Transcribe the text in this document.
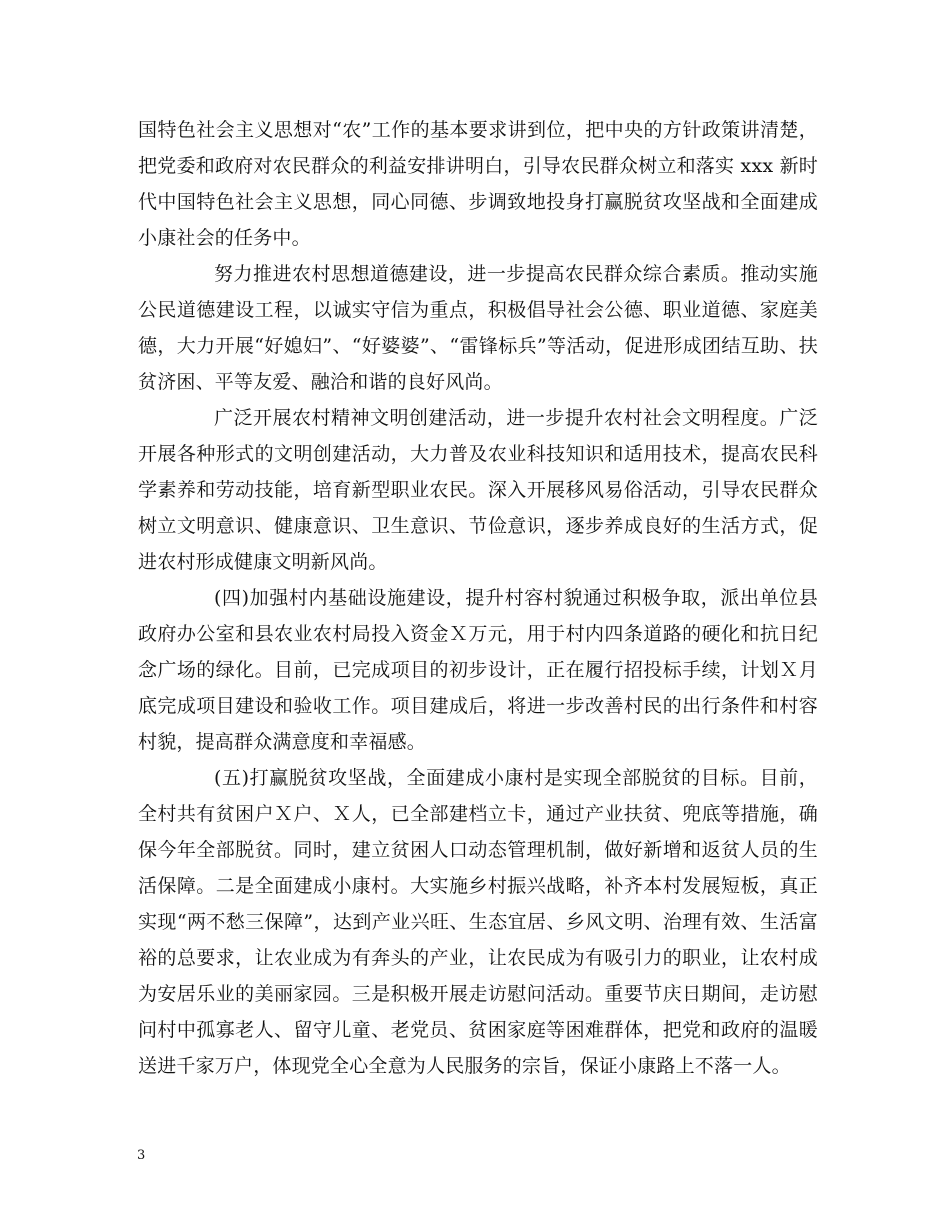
国特色社会主义思想对“农”工作的基本要求讲到位，把中央的方针政策讲清楚，把党委和政府对农民群众的利益安排讲明白，引导农民群众树立和落实 xxx 新时代中国特色社会主义思想，同心同德、步调致地投身打赢脱贫攻坚战和全面建成小康社会的任务中。

努力推进农村思想道德建设，进一步提高农民群众综合素质。推动实施公民道德建设工程，以诚实守信为重点，积极倡导社会公德、职业道德、家庭美德，大力开展“好媳妇”、“好婆婆”、“雷锋标兵”等活动，促进形成团结互助、扶贫济困、平等友爱、融洽和谐的良好风尚。

广泛开展农村精神文明创建活动，进一步提升农村社会文明程度。广泛开展各种形式的文明创建活动，大力普及农业科技知识和适用技术，提高农民科学素养和劳动技能，培育新型职业农民。深入开展移风易俗活动，引导农民群众树立文明意识、健康意识、卫生意识、节俭意识，逐步养成良好的生活方式，促进农村形成健康文明新风尚。

(四)加强村内基础设施建设，提升村容村貌通过积极争取，派出单位县政府办公室和县农业农村局投入资金Ｘ万元，用于村内四条道路的硬化和抗日纪念广场的绿化。目前，已完成项目的初步设计，正在履行招投标手续，计划Ｘ月底完成项目建设和验收工作。项目建成后，将进一步改善村民的出行条件和村容村貌，提高群众满意度和幸福感。

(五)打赢脱贫攻坚战，全面建成小康村是实现全部脱贫的目标。目前，全村共有贫困户Ｘ户、Ｘ人，已全部建档立卡，通过产业扶贫、兜底等措施，确保今年全部脱贫。同时，建立贫困人口动态管理机制，做好新增和返贫人员的生活保障。二是全面建成小康村。大实施乡村振兴战略，补齐本村发展短板，真正实现“两不愁三保障”，达到产业兴旺、生态宜居、乡风文明、治理有效、生活富裕的总要求，让农业成为有奔头的产业，让农民成为有吸引力的职业，让农村成为安居乐业的美丽家园。三是积极开展走访慰问活动。重要节庆日期间，走访慰问村中孤寡老人、留守儿童、老党员、贫困家庭等困难群体，把党和政府的温暖送进千家万户，体现党全心全意为人民服务的宗旨，保证小康路上不落一人。

3
